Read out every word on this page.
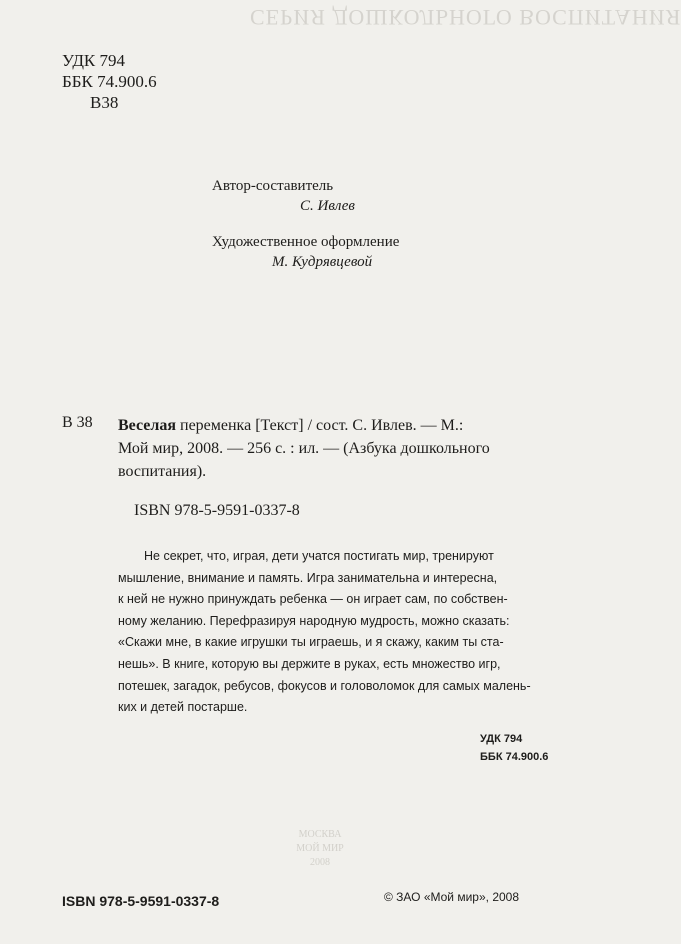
СЕРИЯ ДОШКОЛЬНОГО ВОСПИТАНИЯ
УДК 794
ББК 74.900.6
В38
Автор-составитель
С. Ивлев
Художественное оформление
М. Кудрявцевой
В 38 Веселая переменка [Текст] / сост. С. Ивлев. — М.:
Мой мир, 2008. — 256 с. : ил. — (Азбука дошкольного
воспитания).
ISBN 978-5-9591-0337-8
Не секрет, что, играя, дети учатся постигать мир, тренируют
мышление, внимание и память. Игра занимательна и интересна,
к ней не нужно принуждать ребенка — он играет сам, по собствен-
ному желанию. Перефразируя народную мудрость, можно сказать:
«Скажи мне, в какие игрушки ты играешь, и я скажу, каким ты ста-
нешь». В книге, которую вы держите в руках, есть множество игр,
потешек, загадок, ребусов, фокусов и головоломок для самых малень-
ких и детей постарше.
УДК 794
ББК 74.900.6
МОСКВА
МОЙ МИР
2008
ISBN 978-5-9591-0337-8	© ЗАО «Мой мир», 2008
